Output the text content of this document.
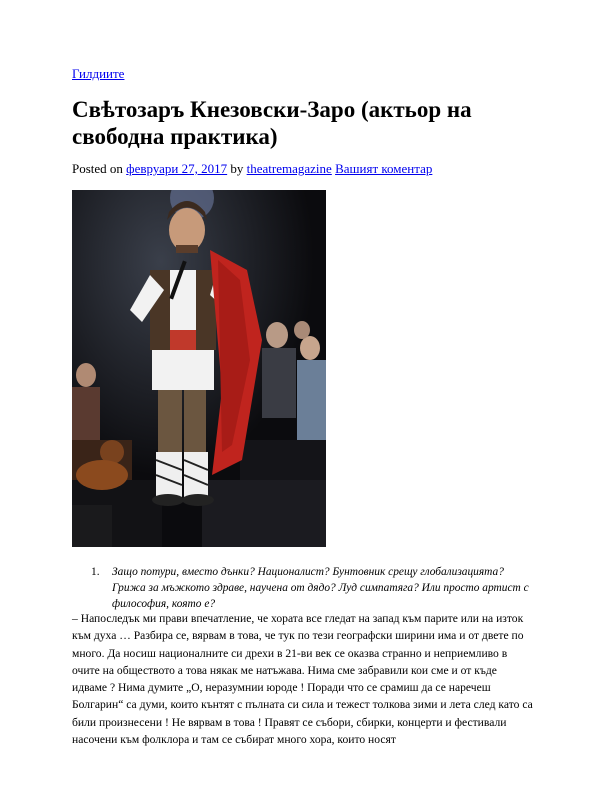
Гилдиите
Свѣтозаръ Кнезовски-Заро (актьор на свободна практика)
Posted on февруари 27, 2017 by theatremagazine Вашият коментар
1.	Защо потури, вместо дънки? Националист? Бунтовник срещу глобализацията? Грижа за мъжкото здраве, научена от дядо? Луд симпатяга? Или просто артист с философия, която е?

– Напоследък ми прави впечатление, че хората все гледат на запад към парите или на изток към духа … Разбира се, вярвам в това, че тук по тези географски ширини има и от двете по много. Да носиш националните си дрехи в 21-ви век се оказва странно и неприемливо в очите на обществото а това някак ме натъжава. Нима сме забравили кои сме и от къде идваме ? Нима думите „О, неразумнии юроде ! Поради что се срамиш да се наречеш Болгарин“ са думи, които кънтят с пълната си сила и тежест толкова зими и лета след като са били произнесени ! Не вярвам в това ! Правят се събори, сбирки, концерти и фестивали насочени към фолклора и там се събират много хора, които носят
